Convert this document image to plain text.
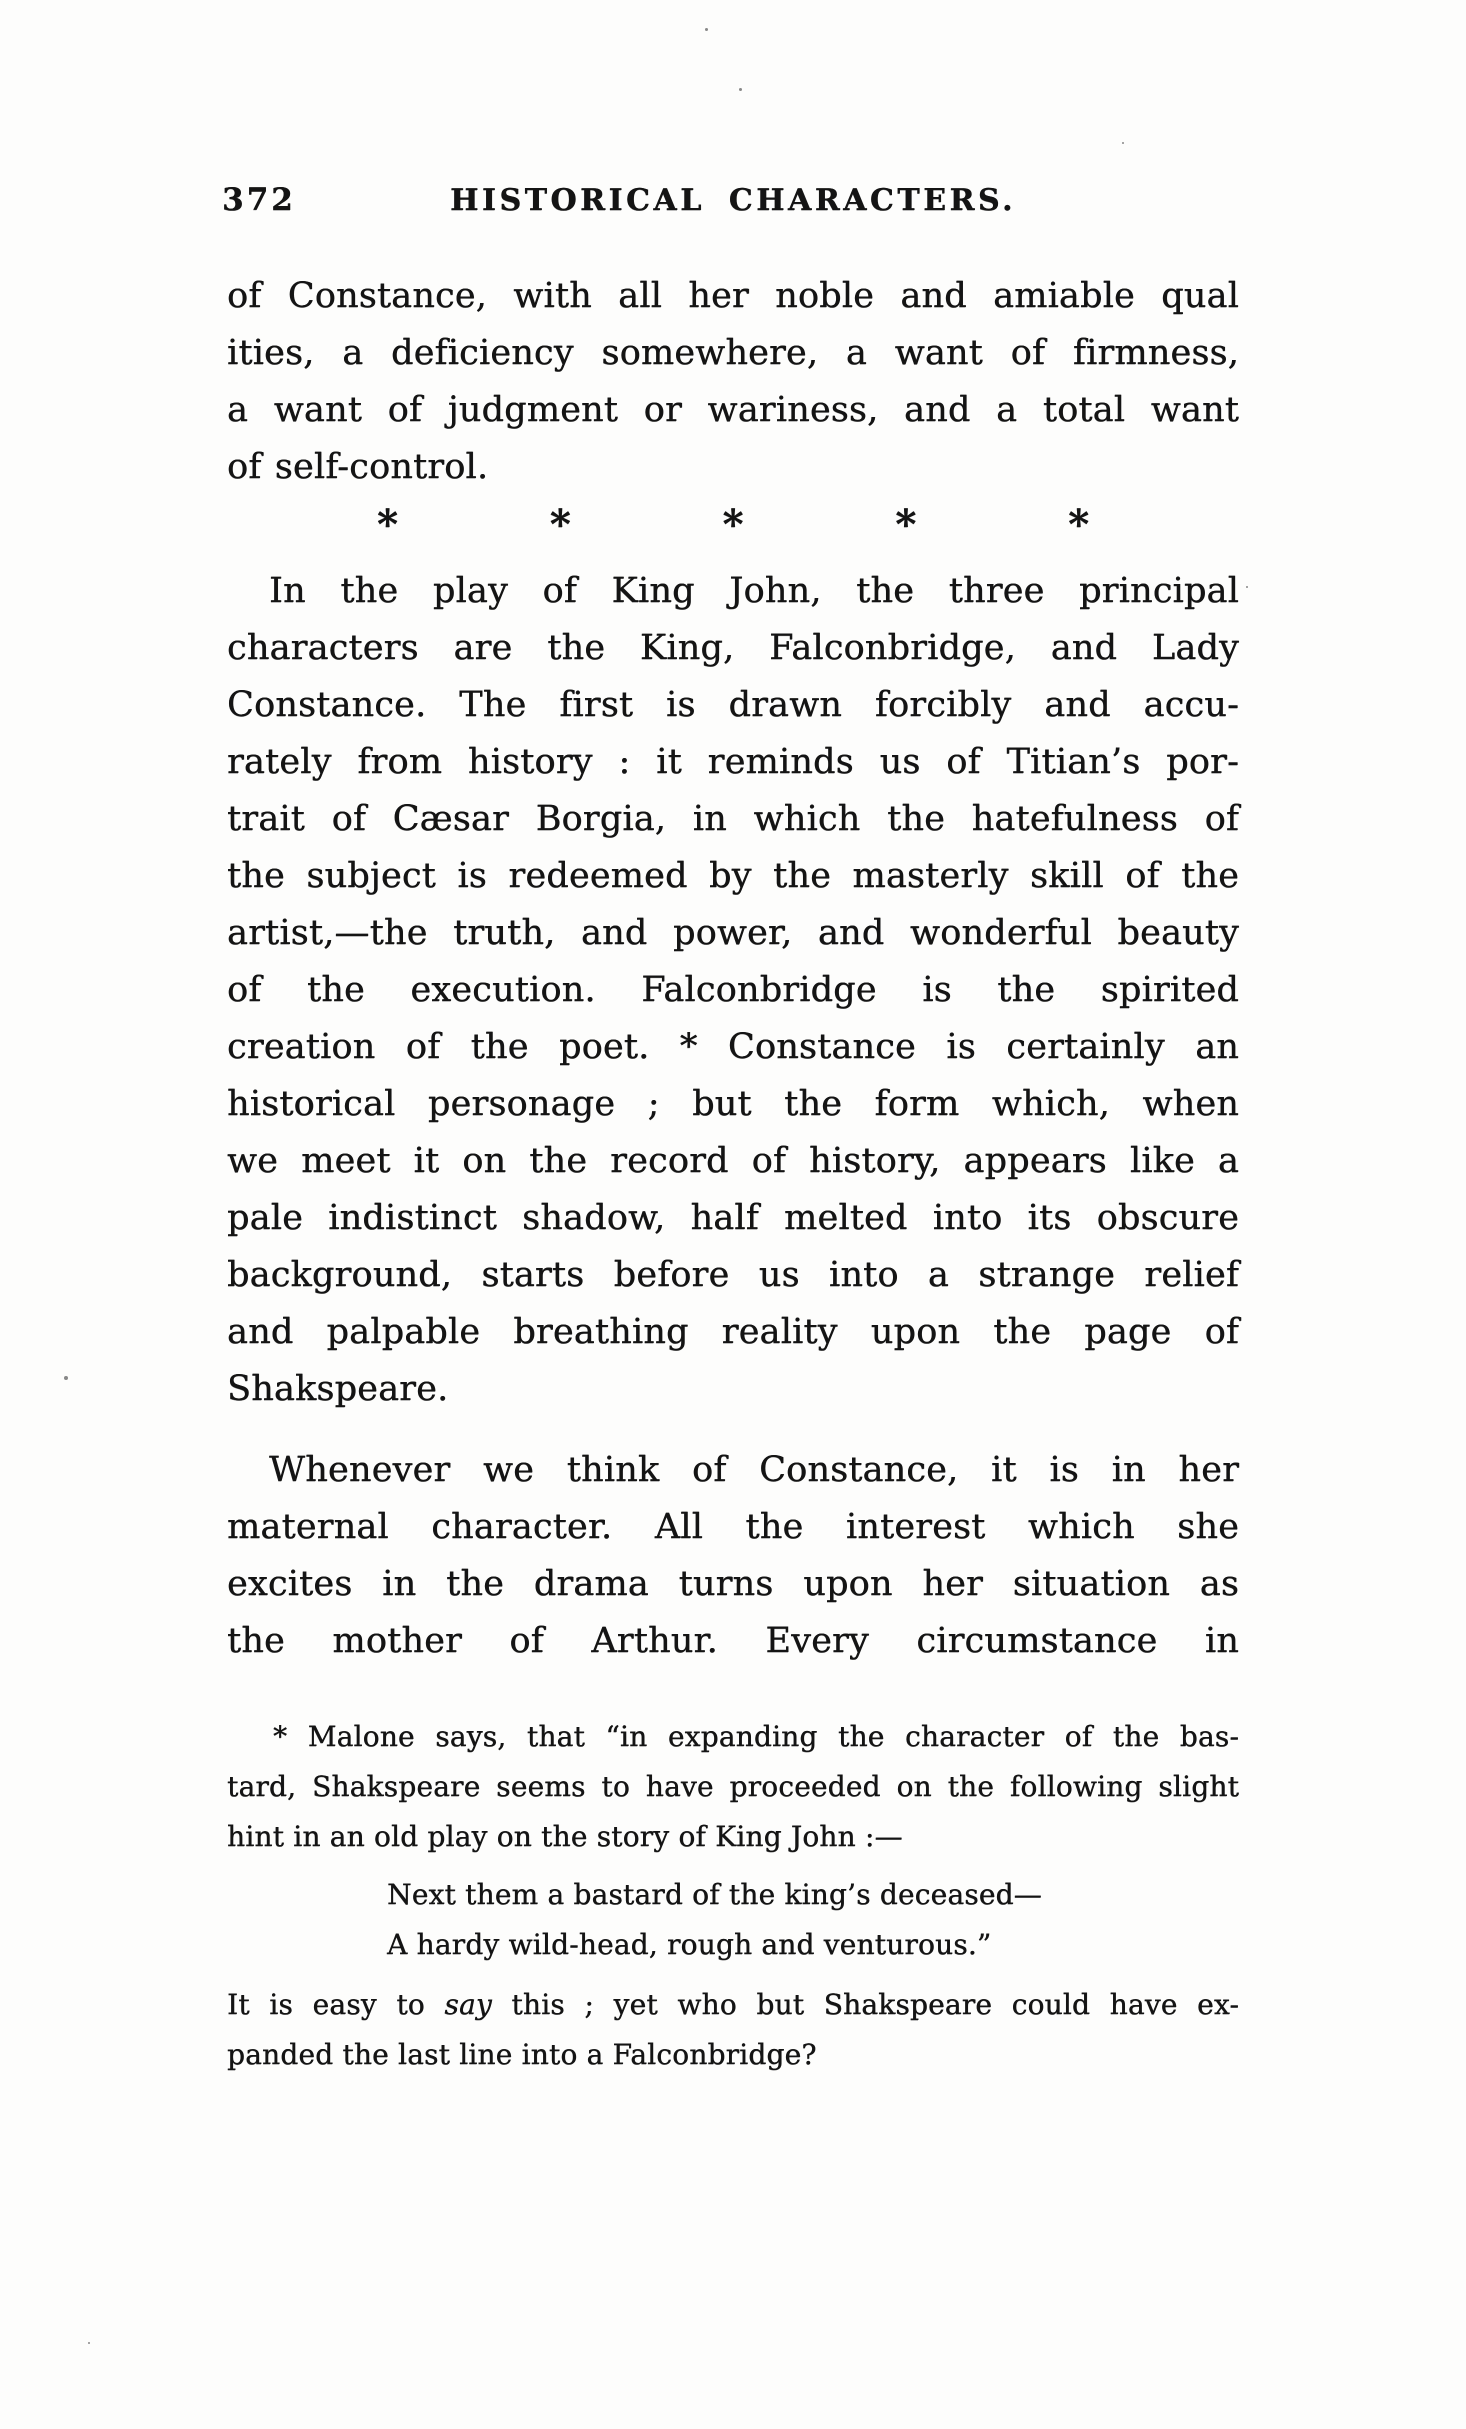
372	HISTORICAL CHARACTERS.
of Constance, with all her noble and amiable qual
ities, a deficiency somewhere, a want of firmness,
a want of judgment or wariness, and a total want
of self-control.
*	*	*	*	*
In the play of King John, the three principal
characters are the King, Falconbridge, and Lady
Constance. The first is drawn forcibly and accu-
rately from history : it reminds us of Titian’s por-
trait of Cæsar Borgia, in which the hatefulness of
the subject is redeemed by the masterly skill of the
artist,—the truth, and power, and wonderful beauty
of the execution. Falconbridge is the spirited
creation of the poet. * Constance is certainly an
historical personage ; but the form which, when
we meet it on the record of history, appears like a
pale indistinct shadow, half melted into its obscure
background, starts before us into a strange relief
and palpable breathing reality upon the page of
Shakspeare.
Whenever we think of Constance, it is in her
maternal character. All the interest which she
excites in the drama turns upon her situation as
the mother of Arthur. Every circumstance in
* Malone says, that “in expanding the character of the bas-
tard, Shakspeare seems to have proceeded on the following slight
hint in an old play on the story of King John :—
Next them a bastard of the king’s deceased—
A hardy wild-head, rough and venturous.”
It is easy to say this ; yet who but Shakspeare could have ex-
panded the last line into a Falconbridge?
